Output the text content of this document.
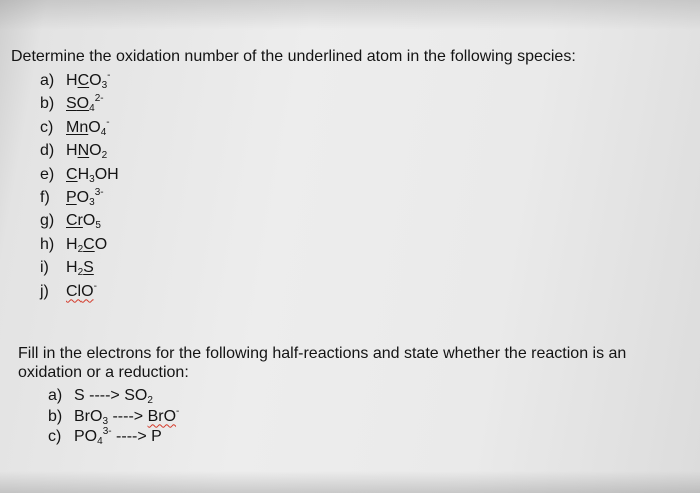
Determine the oxidation number of the underlined atom in the following species:
a) $HCO_3^-$
b) $SO_4^{2-}$
c) MnO$_4$-
d) $HNO_2$
e) $CH_3OH$
f) $PO_3^{3-}$
g) CrO$_5$
h) $H_2CO$
i) $H_2S$
j) ClO-
Fill in the electrons for the following half-reactions and state whether the reaction is an
oxidation or a reduction:
a) S ----> $SO_2$
b) BrO$_3$ ----> BrO-
c) $PO_4^{3-}$ ----> P
